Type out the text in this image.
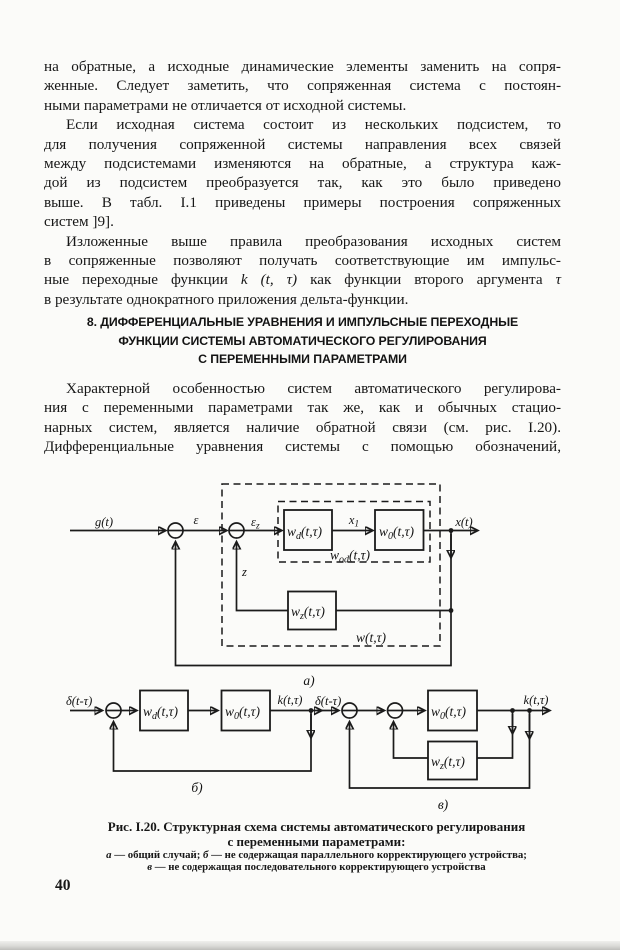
на обратные, а исходные динамические элементы заменить на сопря-
женные. Следует заметить, что сопряженная система с постоян-
ными параметрами не отличается от исходной системы.
Если исходная система состоит из нескольких подсистем, то
для получения сопряженной системы направления всех связей
между подсистемами изменяются на обратные, а структура каж-
дой из подсистем преобразуется так, как это было приведено
выше. В табл. I.1 приведены примеры построения сопряженных
систем ]9].
Изложенные выше правила преобразования исходных систем
в сопряженные позволяют получать соответствующие им импульс-
ные переходные функции k (t, τ) как функции второго аргумента τ
в результате однократного приложения дельта-функции.
8. ДИФФЕРЕНЦИАЛЬНЫЕ УРАВНЕНИЯ И ИМПУЛЬСНЫЕ ПЕРЕХОДНЫЕ
ФУНКЦИИ СИСТЕМЫ АВТОМАТИЧЕСКОГО РЕГУЛИРОВАНИЯ
С ПЕРЕМЕННЫМИ ПАРАМЕТРАМИ
Характерной особенностью систем автоматического регулирова-
ния с переменными параметрами так же, как и обычных стацио-
нарных систем, является наличие обратной связи (см. рис. I.20).
Дифференциальные уравнения системы с помощью обозначений,
g(t)	ε	$\varepsilon_z$	$x_1$	x(t)
z
$w_d(t,\tau)$	$w_0(t,\tau)$
$w_z(t,\tau)$
$w_{od}(t,\tau)$
w(t,τ)
а)
δ(t-τ)	k(t,τ)
$w_d(t,\tau)$	$w_0(t,\tau)$
б)
δ(t-τ)	k(t,τ)
$w_0(t,\tau)$
$w_z(t,\tau)$
в)
Рис. I.20. Структурная схема системы автоматического регулирования
с переменными параметрами:
а — общий случай; б — не содержащая параллельного корректирующего устройства;
в — не содержащая последовательного корректирующего устройства
40
